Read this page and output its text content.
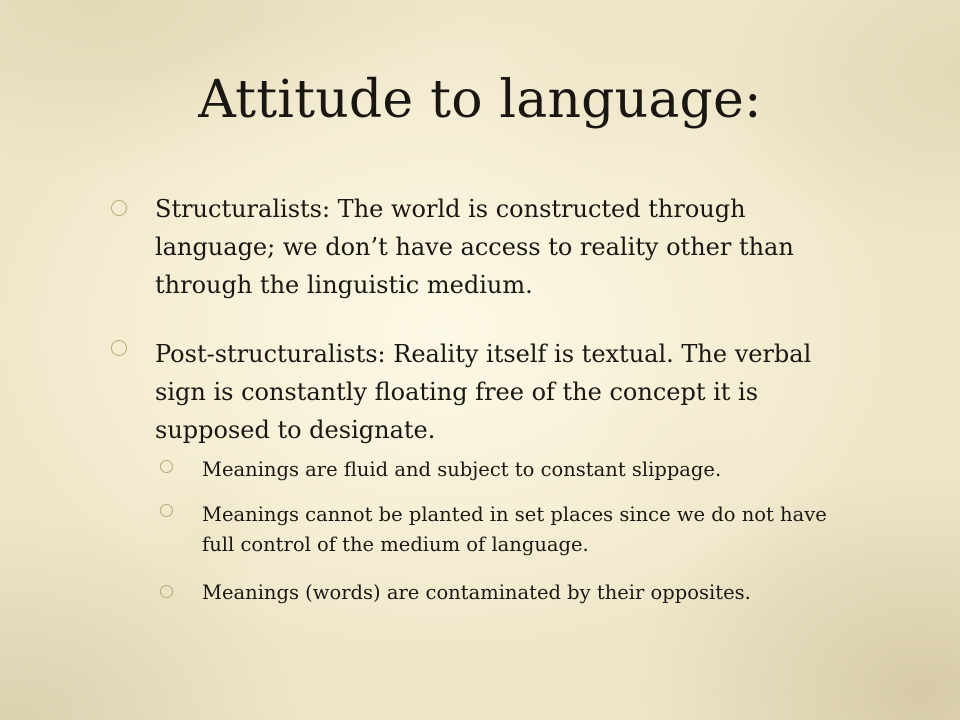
Attitude to language:

Structuralists: The world is constructed through language; we don’t have access to reality other than through the linguistic medium.

Post-structuralists: Reality itself is textual. The verbal sign is constantly floating free of the concept it is supposed to designate.

Meanings are fluid and subject to constant slippage.

Meanings cannot be planted in set places since we do not have full control of the medium of language.

Meanings (words) are contaminated by their opposites.
